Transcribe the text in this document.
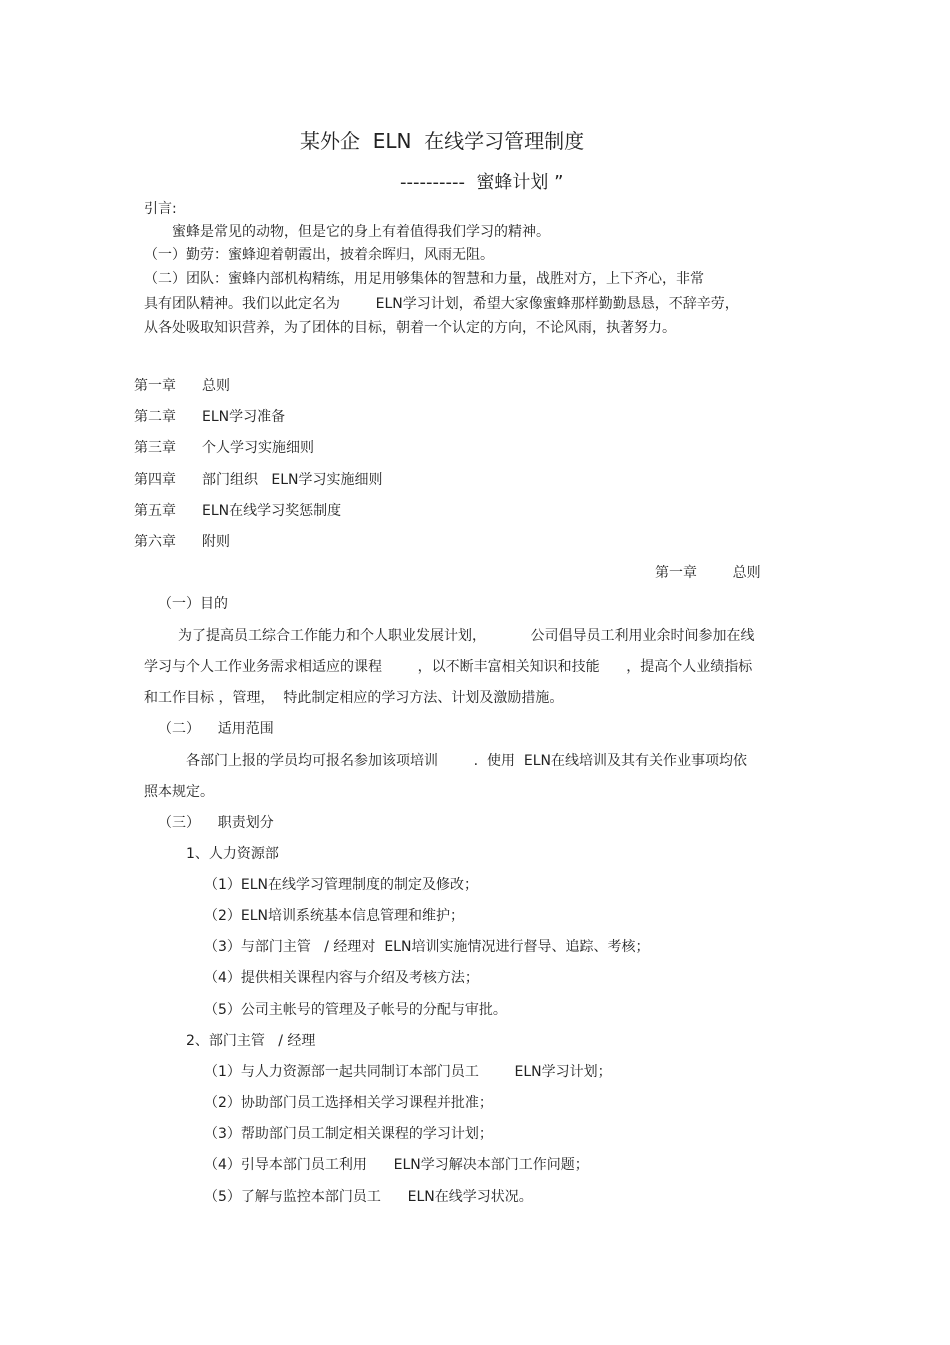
某外企  ELN  在线学习管理制度
----------  蜜蜂计划 ”
引言:
蜜蜂是常见的动物，但是它的身上有着值得我们学习的精神。
（一）勤劳：蜜蜂迎着朝霞出，披着余晖归，风雨无阻。
（二）团队：蜜蜂内部机构精练，用足用够集体的智慧和力量，战胜对方，上下齐心，非常
具有团队精神。我们以此定名为        ELN学习计划，希望大家像蜜蜂那样勤勤恳恳，不辞辛劳，
从各处吸取知识营养，为了团体的目标，朝着一个认定的方向，不论风雨，执著努力。
第一章 总则
第二章 ELN学习准备
第三章 个人学习实施细则
第四章 部门组织   ELN学习实施细则
第五章 ELN在线学习奖惩制度
第六章 附则
第一章        总则
（一）目的
为了提高员工综合工作能力和个人职业发展计划，          公司倡导员工利用业余时间参加在线
学习与个人工作业务需求相适应的课程        ，以不断丰富相关知识和技能      ，提高个人业绩指标
和工作目标 ，管理，  特此制定相应的学习方法、计划及激励措施。
（二）    适用范围
各部门上报的学员均可报名参加该项培训        .  使用  ELN在线培训及其有关作业事项均依
照本规定。
（三）    职责划分
1、人力资源部
（1）ELN在线学习管理制度的制定及修改；
（2）ELN培训系统基本信息管理和维护；
（3）与部门主管   / 经理对  ELN培训实施情况进行督导、追踪、考核；
（4）提供相关课程内容与介绍及考核方法；
（5）公司主帐号的管理及子帐号的分配与审批。
2、部门主管   / 经理
（1）与人力资源部一起共同制订本部门员工        ELN学习计划；
（2）协助部门员工选择相关学习课程并批准；
（3）帮助部门员工制定相关课程的学习计划；
（4）引导本部门员工利用      ELN学习解决本部门工作问题；
（5）了解与监控本部门员工      ELN在线学习状况。
